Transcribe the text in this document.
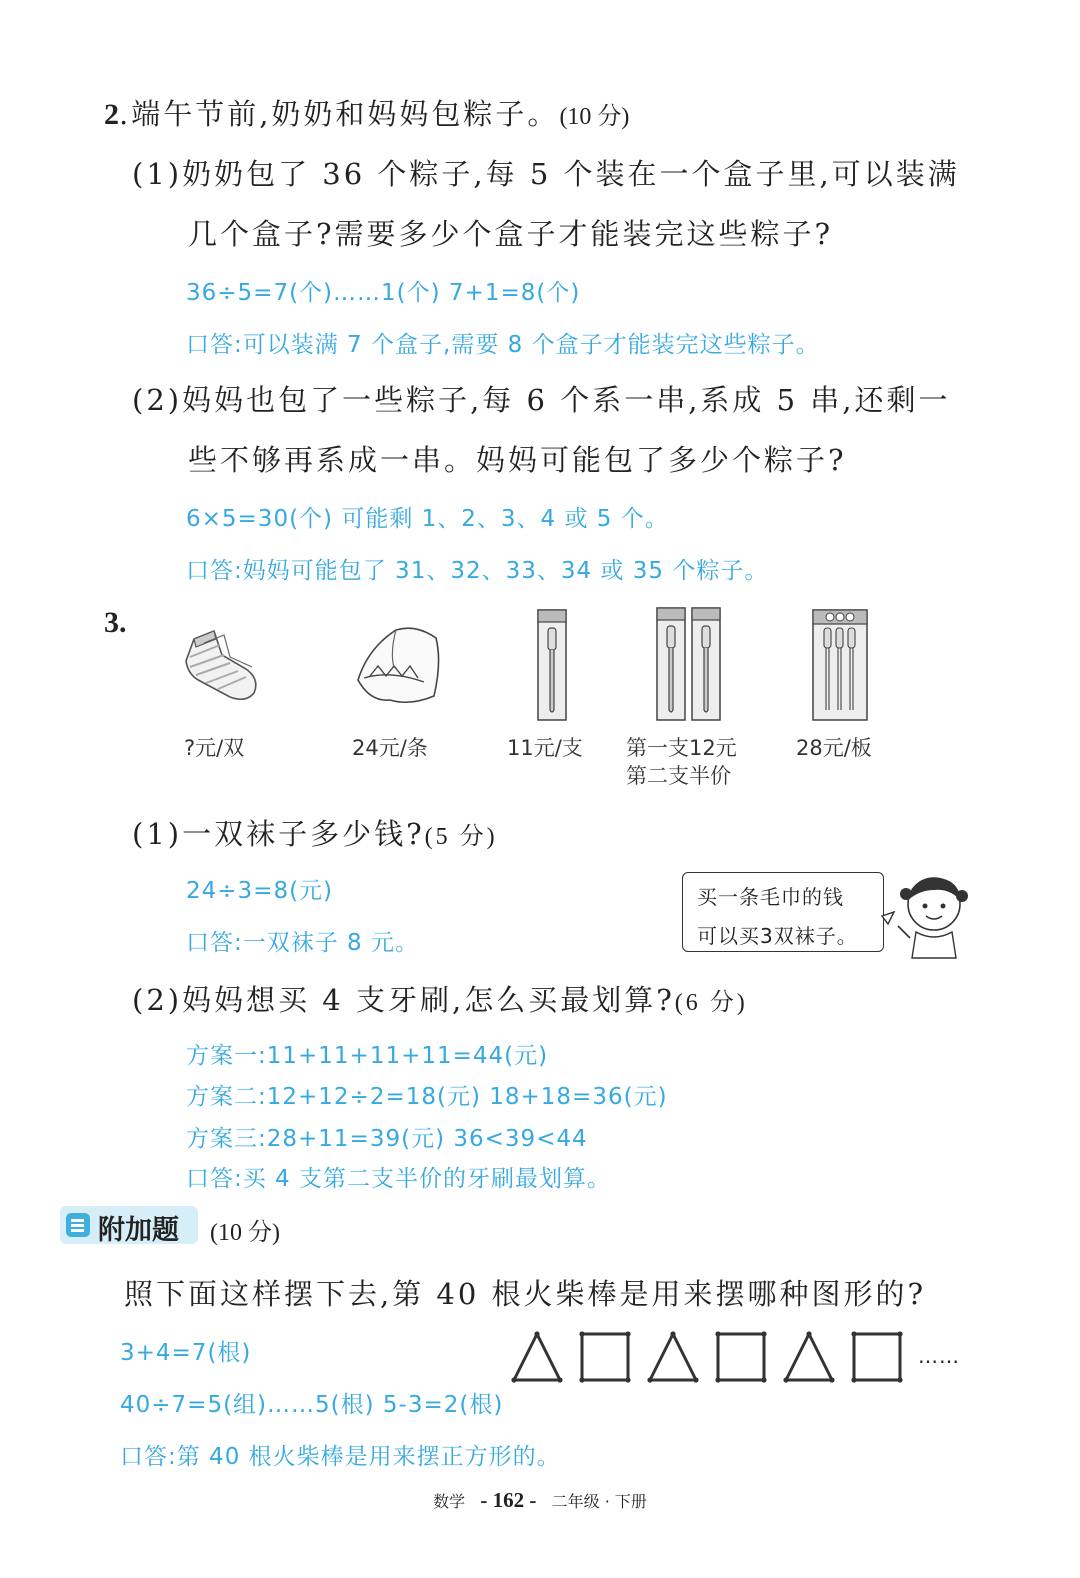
2.端午节前,奶奶和妈妈包粽子。(10 分)
(1)奶奶包了 36 个粽子,每 5 个装在一个盒子里,可以装满
几个盒子?需要多少个盒子才能装完这些粽子?
36÷5=7(个)……1(个) 7+1=8(个)
口答:可以装满 7 个盒子,需要 8 个盒子才能装完这些粽子。
(2)妈妈也包了一些粽子,每 6 个系一串,系成 5 串,还剩一
些不够再系成一串。妈妈可能包了多少个粽子?
6×5=30(个) 可能剩 1、2、3、4 或 5 个。
口答:妈妈可能包了 31、32、33、34 或 35 个粽子。
3.
?元/双	24元/条	11元/支 第一支12元
第二支半价
28元/板
(1)一双袜子多少钱?(5 分)
24÷3=8(元)
口答:一双袜子 8 元。
买一条毛巾的钱
可以买3双袜子。
(2)妈妈想买 4 支牙刷,怎么买最划算?(6 分)
方案一:11+11+11+11=44(元)
方案二:12+12÷2=18(元) 18+18=36(元)
方案三:28+11=39(元) 36<39<44
口答:买 4 支第二支半价的牙刷最划算。
附加题 (10 分)
照下面这样摆下去,第 40 根火柴棒是用来摆哪种图形的?
3+4=7(根)
40÷7=5(组)……5(根) 5-3=2(根)
口答:第 40 根火柴棒是用来摆正方形的。
……
数学 - 162 - 二年级 · 下册
